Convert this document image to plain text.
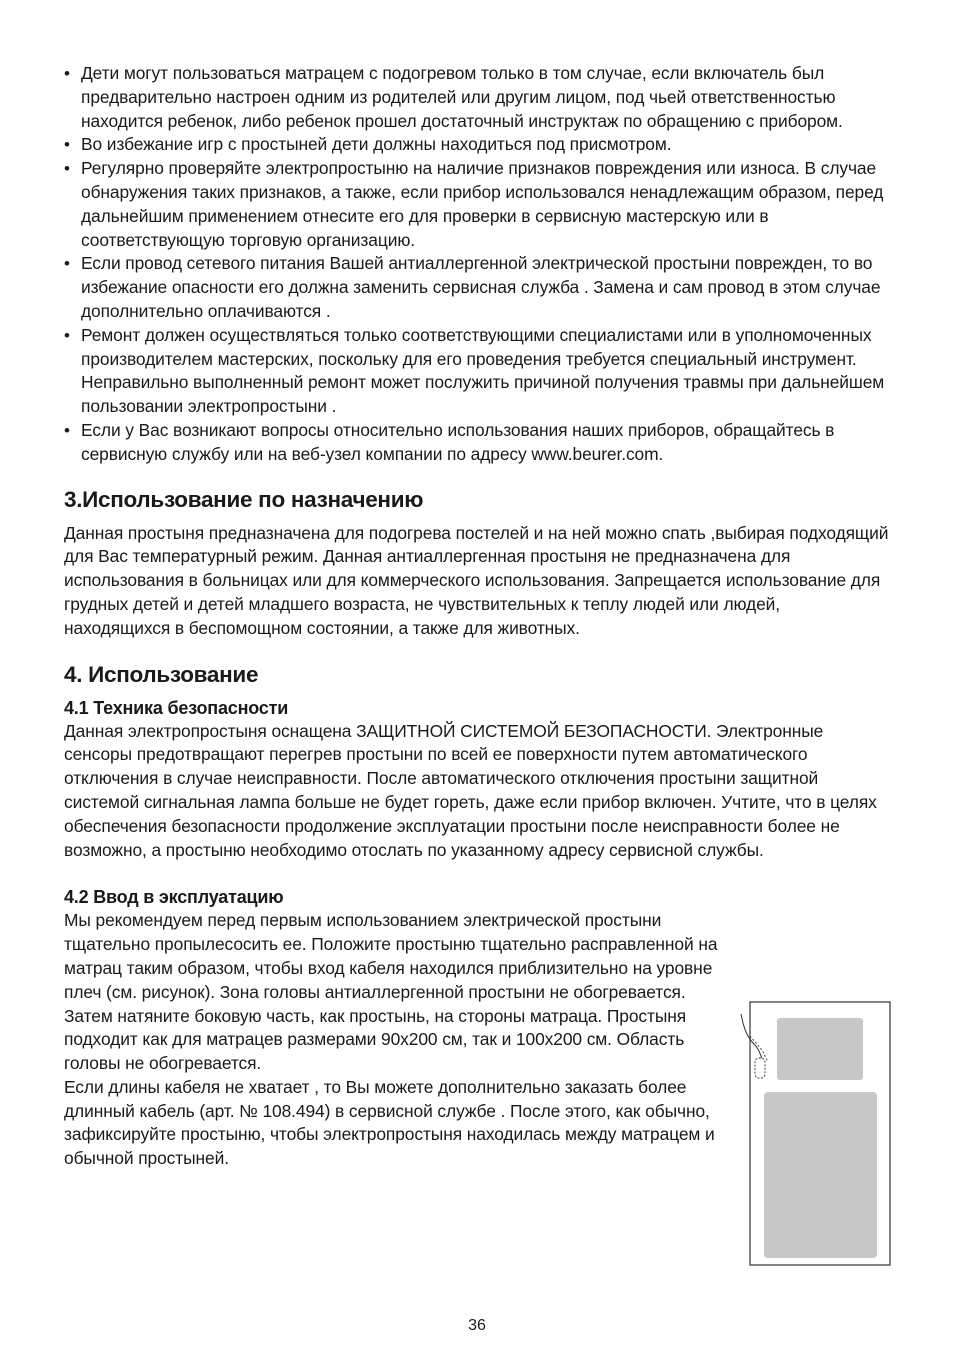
• Дети могут пользоваться матрацем с подогревом только в том случае, если включатель был предварительно настроен одним из родителей или другим лицом, под чьей ответственностью находится ребенок, либо ребенок прошел достаточный инструктаж по обращению с прибором.

• Во избежание игр с простыней дети должны находиться под присмотром.

• Регулярно проверяйте электропростыню на наличие признаков повреждения или износа. В случае обнаружения таких признаков, а также, если прибор использовался ненадлежащим образом, перед дальнейшим применением отнесите его для проверки в сервисную мастерскую или в соответствующую торговую организацию.

• Если провод сетевого питания Вашей антиаллергенной электрической простыни поврежден, то во избежание опасности его должна заменить сервисная служба . Замена и сам провод в этом случае дополнительно оплачиваются .

• Ремонт должен осуществляться только соответствующими специалистами или в уполномоченных производителем мастерских, поскольку для его проведения требуется специальный инструмент.

Неправильно выполненный ремонт может послужить причиной получения травмы при дальнейшем пользовании электропростыни .

• Если у Вас возникают вопросы относительно использования наших приборов, обращайтесь в сервисную службу или на веб-узел компании по адресу www.beurer.com.

3.Использование по назначению

Данная простыня предназначена для подогрева постелей и на ней можно спать ,выбирая подходящий для Вас температурный режим. Данная антиаллергенная простыня не предназначена для использования в больницах или для коммерческого использования. Запрещается использование для грудных детей и детей младшего возраста, не чувствительных к теплу людей или людей, находящихся в беспомощном состоянии, а также для животных.

4. Использование
4.1 Техника безопасности

Данная электропростыня оснащена ЗАЩИТНОЙ СИСТЕМОЙ БЕЗОПАСНОСТИ. Электронные сенсоры предотвращают перегрев простыни по всей ее поверхности путем автоматического отключения в случае неисправности. После автоматического отключения простыни защитной системой сигнальная лампа больше не будет гореть, даже если прибор включен. Учтите, что в целях обеспечения безопасности продолжение эксплуатации простыни после неисправности более не возможно, а простыню необходимо отослать по указанному адресу сервисной службы.

4.2 Ввод в эксплуатацию

Мы рекомендуем перед первым использованием электрической простыни тщательно пропылесосить ее. Положите простыню тщательно расправленной на матрац таким образом, чтобы вход кабеля находился приблизительно на уровне плеч (см. рисунок). Зона головы антиаллергенной простыни не обогревается.

Затем натяните боковую часть, как простынь, на стороны матраца. Простыня подходит как для матрацев размерами 90x200 см, так и 100x200 см. Область головы не обогревается.

Если длины кабеля не хватает , то Вы можете дополнительно заказать более длинный кабель (арт. № 108.494) в сервисной службе . После этого, как обычно, зафиксируйте простыню, чтобы электропростыня находилась между матрацем и обычной простыней.

36
